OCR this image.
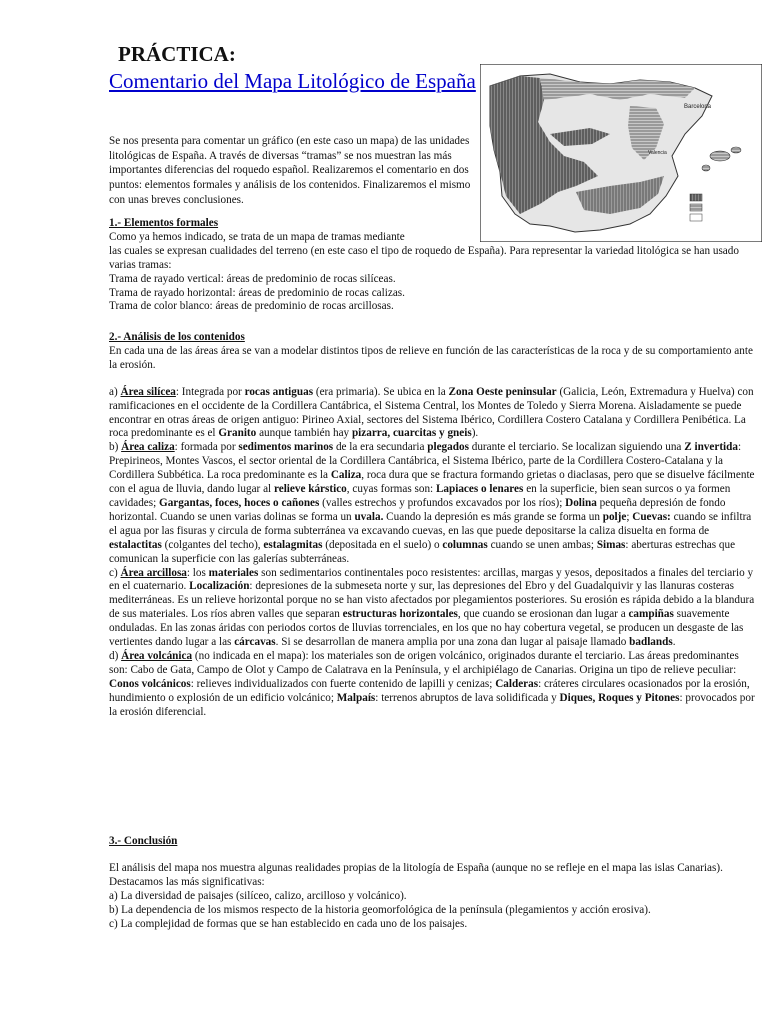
PRÁCTICA:
Comentario del Mapa Litológico de España
Barcelona
Valencia

Se nos presenta para comentar un gráfico (en este caso un mapa) de las unidades litológicas de España. A través de diversas “tramas” se nos muestran las más importantes diferencias del roquedo español. Realizaremos el comentario en dos puntos: elementos formales y análisis de los contenidos. Finalizaremos el mismo con unas breves conclusiones.

1.- Elementos formales

Como ya hemos indicado, se trata de un mapa de tramas mediante

las cuales se expresan cualidades del terreno (en este caso el tipo de roquedo de España). Para representar la variedad litológica se han usado varias tramas:

Trama de rayado vertical: áreas de predominio de rocas silíceas.

Trama de rayado horizontal: áreas de predominio de rocas calizas.

Trama de color blanco: áreas de predominio de rocas arcillosas.

2.- Análisis de los contenidos

En cada una de las áreas área se van a modelar distintos tipos de relieve en función de las características de la roca y de su comportamiento ante la erosión.

a) Área silícea: Integrada por rocas antiguas (era primaria). Se ubica en la Zona Oeste peninsular (Galicia, León, Extremadura y Huelva) con ramificaciones en el occidente de la Cordillera Cantábrica, el Sistema Central, los Montes de Toledo y Sierra Morena. Aisladamente se puede encontrar en otras áreas de origen antiguo: Pirineo Axial, sectores del Sistema Ibérico, Cordillera Costero Catalana y Cordillera Penibética. La roca predominante es el Granito aunque también hay pizarra, cuarcitas y gneis).

b) Área caliza: formada por sedimentos marinos de la era secundaria plegados durante el terciario. Se localizan siguiendo una Z invertida: Prepirineos, Montes Vascos, el sector oriental de la Cordillera Cantábrica, el Sistema Ibérico, parte de la Cordillera Costero-Catalana y la Cordillera Subbética. La roca predominante es la Caliza, roca dura que se fractura formando grietas o diaclasas, pero que se disuelve fácilmente con el agua de lluvia, dando lugar al relieve kárstico, cuyas formas son: Lapiaces o lenares en la superficie, bien sean surcos o ya formen cavidades; Gargantas, foces, hoces o cañones (valles estrechos y profundos excavados por los ríos); Dolina pequeña depresión de fondo horizontal. Cuando se unen varias dolinas se forma un uvala. Cuando la depresión es más grande se forma un polje; Cuevas: cuando se infiltra el agua por las fisuras y circula de forma subterránea va excavando cuevas, en las que puede depositarse la caliza disuelta en forma de estalactitas (colgantes del techo), estalagmitas (depositada en el suelo) o columnas cuando se unen ambas; Simas: aberturas estrechas que comunican la superficie con las galerías subterráneas.

c) Área arcillosa: los materiales son sedimentarios continentales poco resistentes: arcillas, margas y yesos, depositados a finales del terciario y en el cuaternario. Localización: depresiones de la submeseta norte y sur, las depresiones del Ebro y del Guadalquivir y las llanuras costeras mediterráneas. Es un relieve horizontal porque no se han visto afectados por plegamientos posteriores. Su erosión es rápida debido a la blandura de sus materiales. Los ríos abren valles que separan estructuras horizontales, que cuando se erosionan dan lugar a campiñas suavemente onduladas. En las zonas áridas con periodos cortos de lluvias torrenciales, en los que no hay cobertura vegetal, se producen un desgaste de las vertientes dando lugar a las cárcavas. Si se desarrollan de manera amplia por una zona dan lugar al paisaje llamado badlands.

d) Área volcánica (no indicada en el mapa): los materiales son de origen volcánico, originados durante el terciario. Las áreas predominantes son: Cabo de Gata, Campo de Olot y Campo de Calatrava en la Península, y el archipiélago de Canarias. Origina un tipo de relieve peculiar: Conos volcánicos: relieves individualizados con fuerte contenido de lapilli y cenizas; Calderas: cráteres circulares ocasionados por la erosión, hundimiento o explosión de un edificio volcánico; Malpaís: terrenos abruptos de lava solidificada y Diques, Roques y Pitones: provocados por la erosión diferencial.

3.- Conclusión

El análisis del mapa nos muestra algunas realidades propias de la litología de España (aunque no se refleje en el mapa las islas Canarias). Destacamos las más significativas:

a) La diversidad de paisajes (silíceo, calizo, arcilloso y volcánico).

b) La dependencia de los mismos respecto de la historia geomorfológica de la península (plegamientos y acción erosiva).

c) La complejidad de formas que se han establecido en cada uno de los paisajes.
